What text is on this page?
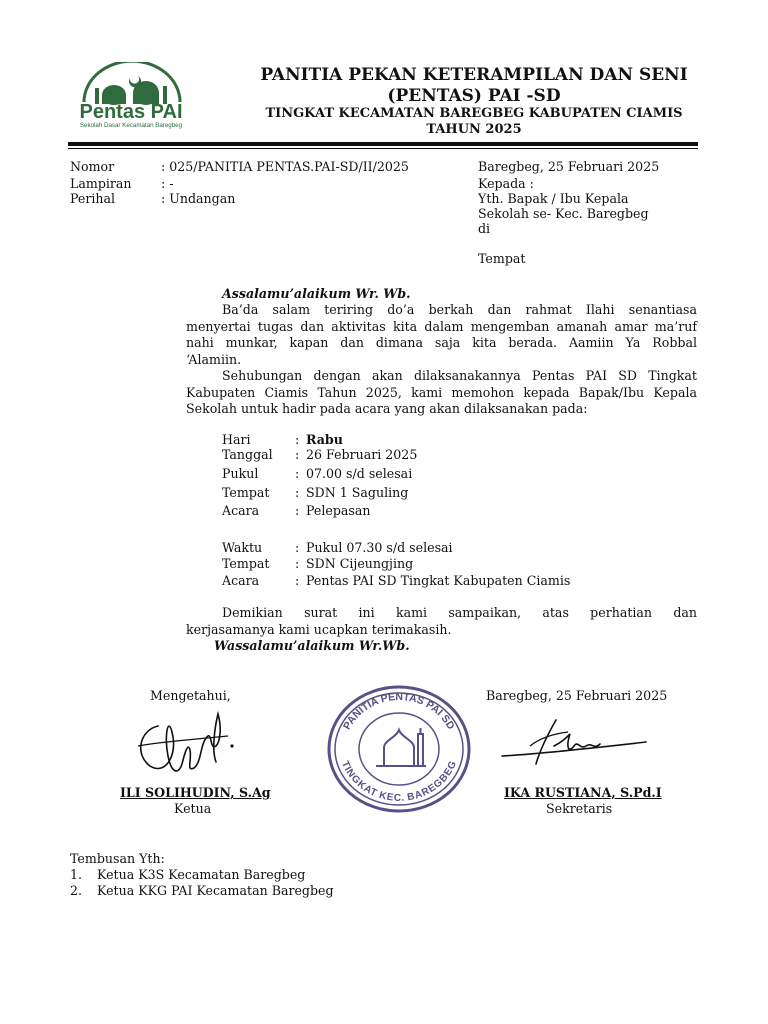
Pentas PAI
Sekolah Dasar Kecamatan Baregbeg
PANITIA PEKAN KETERAMPILAN DAN SENI
(PENTAS) PAI -SD
TINGKAT KECAMATAN BAREGBEG KABUPATEN CIAMIS
TAHUN 2025
Nomor	: 025/PANITIA PENTAS.PAI-SD/II/2025
Lampiran : -
Perihal	: Undangan
Baregbeg, 25 Februari 2025
Kepada :
Yth. Bapak / Ibu Kepala
Sekolah se- Kec. Baregbeg
di
Tempat
Assalamu’alaikum Wr. Wb.
Ba’da salam teriring do’a berkah dan rahmat Ilahi senantiasa
menyertai tugas dan aktivitas kita dalam mengemban amanah amar ma’ruf
nahi munkar, kapan dan dimana saja kita berada. Aamiin Ya Robbal
‘Alamiin.
Sehubungan dengan akan dilaksanakannya Pentas PAI SD Tingkat
Kabupaten Ciamis Tahun 2025, kami memohon kepada Bapak/Ibu Kepala
Sekolah untuk hadir pada acara yang akan dilaksanakan pada:
Hari	: Rabu
Tanggal : 26 Februari 2025
Pukul	: 07.00 s/d selesai
Tempat : SDN 1 Saguling
Acara	: Pelepasan
Waktu	: Pukul 07.30 s/d selesai
Tempat : SDN Cijeungjing
Acara	: Pentas PAI SD Tingkat Kabupaten Ciamis
Demikian surat ini kami sampaikan, atas perhatian dan
kerjasamanya kami ucapkan terimakasih.
Wassalamu’alaikum Wr.Wb.
Mengetahui,
ILI SOLIHUDIN, S.Ag
Ketua
PANITIA PENTAS PAI SD
TINGKAT KEC. BAREGBEG
Baregbeg, 25 Februari 2025
IKA RUSTIANA, S.Pd.I
Sekretaris
Tembusan Yth:
1. Ketua K3S Kecamatan Baregbeg
2. Ketua KKG PAI Kecamatan Baregbeg
